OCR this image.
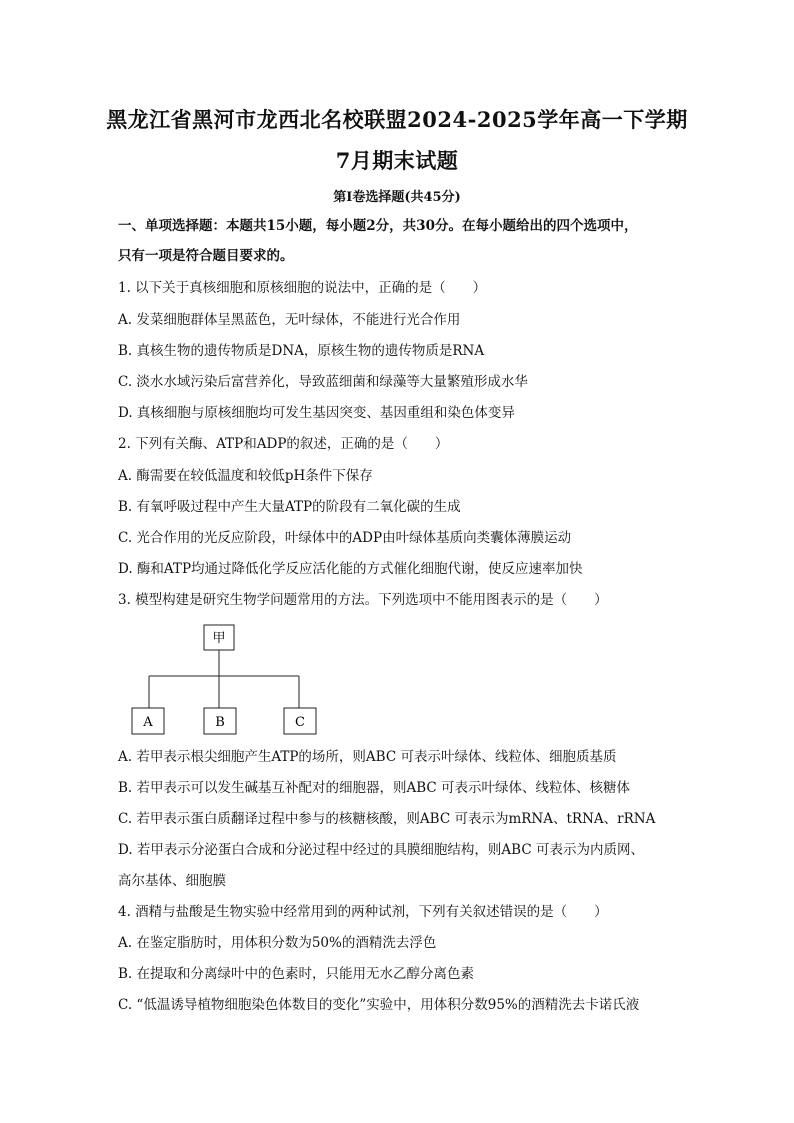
黑龙江省黑河市龙西北名校联盟2024-2025学年高一下学期
7月期末试题
第Ⅰ卷选择题(共45分)
一、单项选择题：本题共15小题，每小题2分，共30分。在每小题给出的四个选项中，
只有一项是符合题目要求的。
1. 以下关于真核细胞和原核细胞的说法中，正确的是（　　）
A. 发菜细胞群体呈黑蓝色，无叶绿体，不能进行光合作用
B. 真核生物的遗传物质是DNA，原核生物的遗传物质是RNA
C. 淡水水域污染后富营养化，导致蓝细菌和绿藻等大量繁殖形成水华
D. 真核细胞与原核细胞均可发生基因突变、基因重组和染色体变异
2. 下列有关酶、ATP和ADP的叙述，正确的是（　　）
A. 酶需要在较低温度和较低pH条件下保存
B. 有氧呼吸过程中产生大量ATP的阶段有二氧化碳的生成
C. 光合作用的光反应阶段，叶绿体中的ADP由叶绿体基质向类囊体薄膜运动
D. 酶和ATP均通过降低化学反应活化能的方式催化细胞代谢，使反应速率加快
3. 模型构建是研究生物学问题常用的方法。下列选项中不能用图表示的是（　　）
甲
A	B	C
A. 若甲表示根尖细胞产生ATP的场所，则ABC 可表示叶绿体、线粒体、细胞质基质
B. 若甲表示可以发生碱基互补配对的细胞器，则ABC 可表示叶绿体、线粒体、核糖体
C. 若甲表示蛋白质翻译过程中参与的核糖核酸，则ABC 可表示为mRNA、tRNA、rRNA
D. 若甲表示分泌蛋白合成和分泌过程中经过的具膜细胞结构，则ABC 可表示为内质网、
高尔基体、细胞膜
4. 酒精与盐酸是生物实验中经常用到的两种试剂，下列有关叙述错误的是（　　）
A. 在鉴定脂肪时，用体积分数为50%的酒精洗去浮色
B. 在提取和分离绿叶中的色素时，只能用无水乙醇分离色素
C. “低温诱导植物细胞染色体数目的变化”实验中，用体积分数95%的酒精洗去卡诺氏液
